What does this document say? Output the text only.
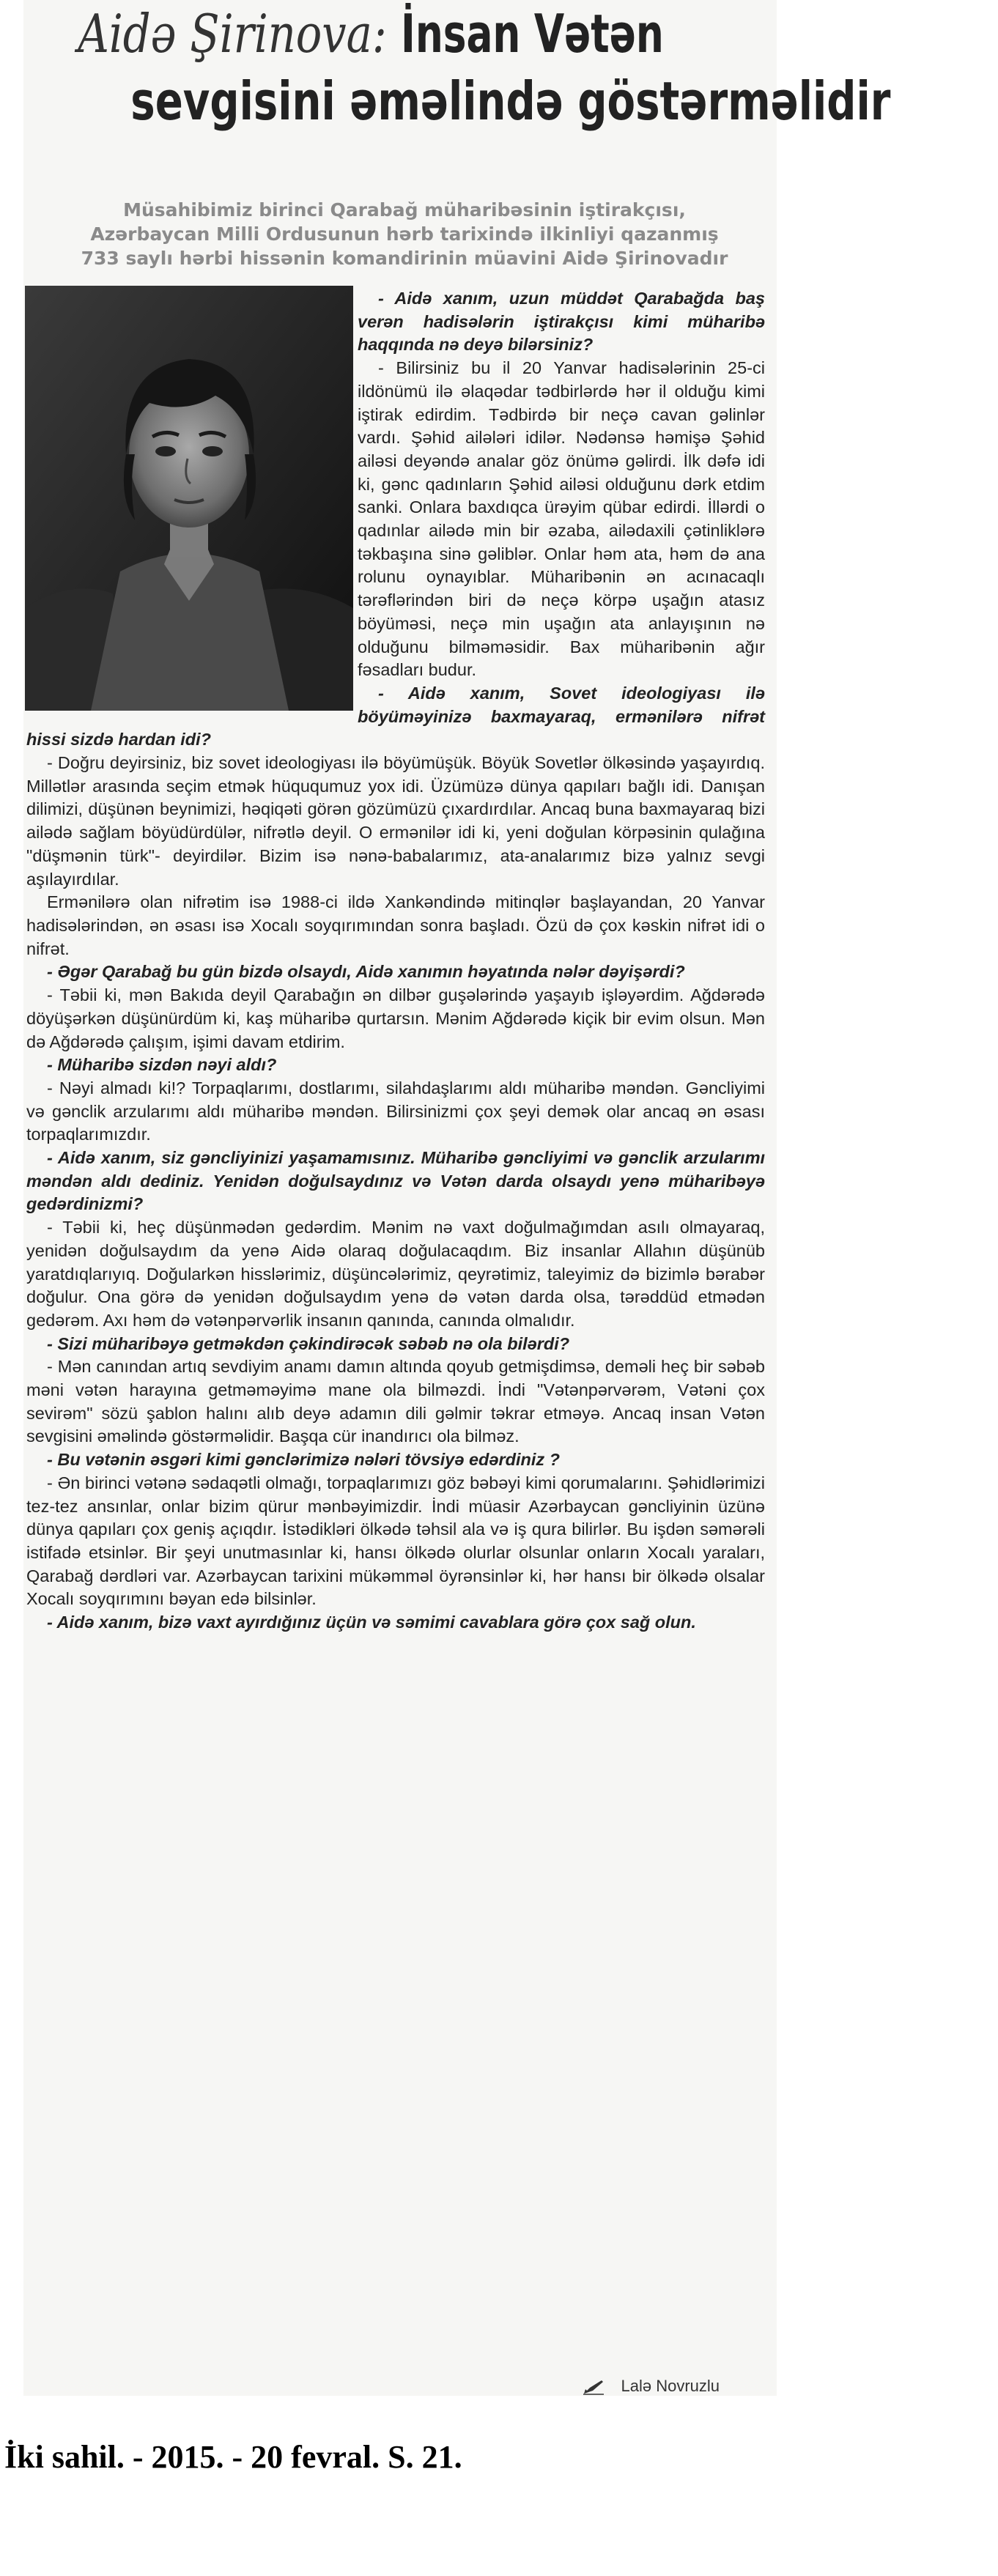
Aidə Şirinova: İnsan Vətən
sevgisini əməlində göstərməlidir
Müsahibimiz birinci Qarabağ müharibəsinin iştirakçısı,
Azərbaycan Milli Ordusunun hərb tarixində ilkinliyi qazanmış
733 saylı hərbi hissənin komandirinin müavini Aidə Şirinovadır

- Aidə xanım, uzun müddət Qarabağda baş verən hadisələrin iştirakçısı kimi müharibə haqqında nə deyə bilərsiniz?

- Bilirsiniz bu il 20 Yanvar hadisələrinin 25-ci ildönümü ilə əlaqədar tədbirlərdə hər il olduğu kimi iştirak edirdim. Tədbirdə bir neçə cavan gəlinlər vardı. Şəhid ailələri idilər. Nədənsə həmişə Şəhid ailəsi deyəndə analar göz önümə gəlirdi. İlk dəfə idi ki, gənc qadınların Şəhid ailəsi olduğunu dərk etdim sanki. Onlara baxdıqca ürəyim qübar edirdi. İllərdi o qadınlar ailədə min bir əzaba, ailədaxili çətinliklərə təkbaşına sinə gəliblər. Onlar həm ata, həm də ana rolunu oynayıblar. Müharibənin ən acınacaqlı tərəflərindən biri də neçə körpə uşağın atasız böyüməsi, neçə min uşağın ata anlayışının nə olduğunu bilməməsidir. Bax müharibənin ağır fəsadları budur.

- Aidə xanım, Sovet ideologiyası ilə böyüməyinizə baxmayaraq, ermənilərə nifrət hissi sizdə hardan idi?

- Doğru deyirsiniz, biz sovet ideologiyası ilə böyümüşük. Böyük Sovetlər ölkəsində yaşayırdıq. Millətlər arasında seçim etmək hüququmuz yox idi. Üzümüzə dünya qapıları bağlı idi. Danışan dilimizi, düşünən beynimizi, həqiqəti görən gözümüzü çıxardırdılar. Ancaq buna baxmayaraq bizi ailədə sağlam böyüdürdülər, nifrətlə deyil. O ermənilər idi ki, yeni doğulan körpəsinin qulağına "düşmənin türk"- deyirdilər. Bizim isə nənə-babalarımız, ata-analarımız bizə yalnız sevgi aşılayırdılar.

Ermənilərə olan nifrətim isə 1988-ci ildə Xankəndində mitinqlər başlayandan, 20 Yanvar hadisələrindən, ən əsası isə Xocalı soyqırımından sonra başladı. Özü də çox kəskin nifrət idi o nifrət.

- Əgər Qarabağ bu gün bizdə olsaydı, Aidə xanımın həyatında nələr dəyişərdi?

- Təbii ki, mən Bakıda deyil Qarabağın ən dilbər guşələrində yaşayıb işləyərdim. Ağdərədə döyüşərkən düşünürdüm ki, kaş müharibə qurtarsın. Mənim Ağdərədə kiçik bir evim olsun. Mən də Ağdərədə çalışım, işimi davam etdirim.

- Müharibə sizdən nəyi aldı?

- Nəyi almadı ki!? Torpaqlarımı, dostlarımı, silahdaşlarımı aldı müharibə məndən. Gəncliyimi və gənclik arzularımı aldı müharibə məndən. Bilirsinizmi çox şeyi demək olar ancaq ən əsası torpaqlarımızdır.

- Aidə xanım, siz gəncliyinizi yaşamamısınız. Müharibə gəncliyimi və gənclik arzularımı məndən aldı dediniz. Yenidən doğulsaydınız və Vətən darda olsaydı yenə müharibəyə gedərdinizmi?

- Təbii ki, heç düşünmədən gedərdim. Mənim nə vaxt doğulmağımdan asılı olmayaraq, yenidən doğulsaydım da yenə Aidə olaraq doğulacaqdım. Biz insanlar Allahın düşünüb yaratdıqlarıyıq. Doğularkən hisslərimiz, düşüncələrimiz, qeyrətimiz, taleyimiz də bizimlə bərabər doğulur. Ona görə də yenidən doğulsaydım yenə də vətən darda olsa, tərəddüd etmədən gedərəm. Axı həm də vətənpərvərlik insanın qanında, canında olmalıdır.

- Sizi müharibəyə getməkdən çəkindirəcək səbəb nə ola bilərdi?

- Mən canından artıq sevdiyim anamı damın altında qoyub getmişdimsə, deməli heç bir səbəb məni vətən harayına getməməyimə mane ola bilməzdi. İndi "Vətənpərvərəm, Vətəni çox sevirəm" sözü şablon halını alıb deyə adamın dili gəlmir təkrar etməyə. Ancaq insan Vətən sevgisini əməlində göstərməlidir. Başqa cür inandırıcı ola bilməz.

- Bu vətənin əsgəri kimi gənclərimizə nələri tövsiyə edərdiniz ?

- Ən birinci vətənə sədaqətli olmağı, torpaqlarımızı göz bəbəyi kimi qorumalarını. Şəhidlərimizi tez-tez ansınlar, onlar bizim qürur mənbəyimizdir. İndi müasir Azərbaycan gəncliyinin üzünə dünya qapıları çox geniş açıqdır. İstədikləri ölkədə təhsil ala və iş qura bilirlər. Bu işdən səmərəli istifadə etsinlər. Bir şeyi unutmasınlar ki, hansı ölkədə olurlar olsunlar onların Xocalı yaraları, Qarabağ dərdləri var. Azərbaycan tarixini mükəmməl öyrənsinlər ki, hər hansı bir ölkədə olsalar Xocalı soyqırımını bəyan edə bilsinlər.

- Aidə xanım, bizə vaxt ayırdığınız üçün və səmimi cavablara görə çox sağ olun.

Lalə Novruzlu
İki sahil. - 2015. - 20 fevral. S. 21.
